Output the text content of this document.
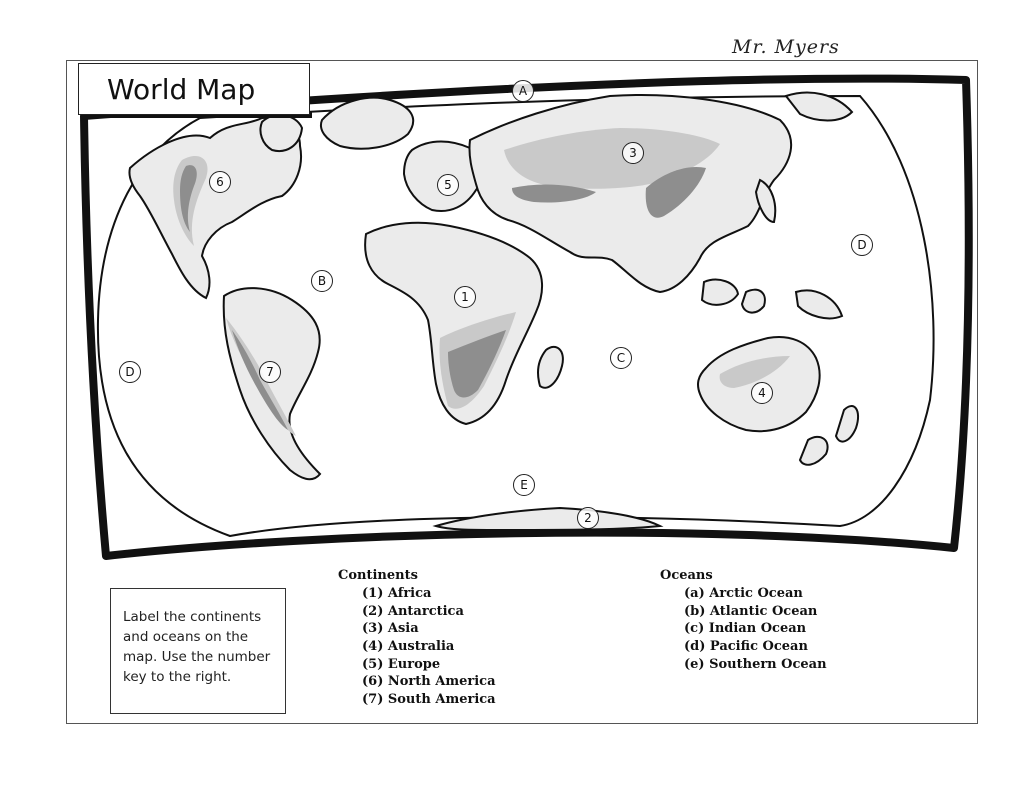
Mr. Myers
World Map	A
B
C
D
D
E
1
2
3
4
5
6
7
Label the continents and oceans on the map. Use the number key to the right.
Continents
(1) Africa
(2) Antarctica
(3) Asia
(4) Australia
(5) Europe
(6) North America
(7) South America
Oceans
(a) Arctic Ocean
(b) Atlantic Ocean
(c) Indian Ocean
(d) Pacific Ocean
(e) Southern Ocean
